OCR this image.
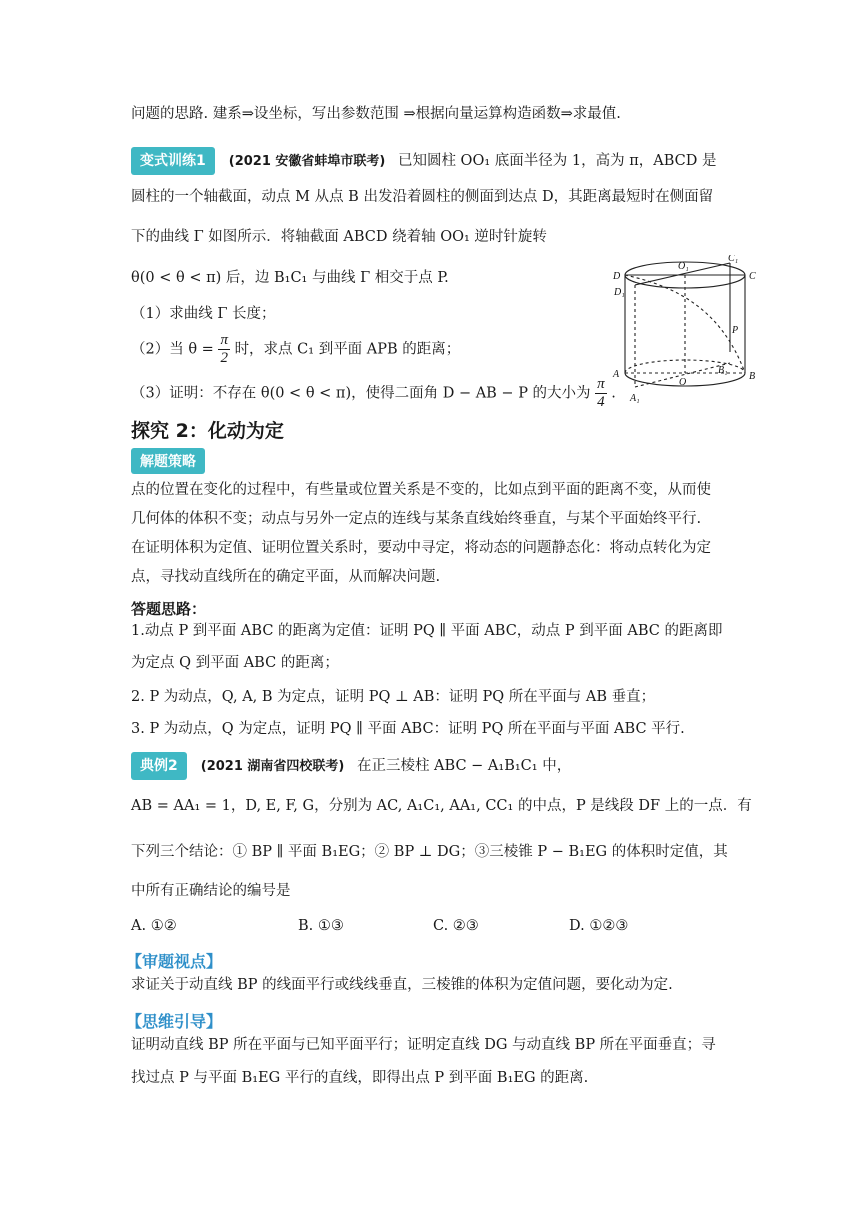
问题的思路. 建系⇒设坐标，写出参数范围 ⇒根据向量运算构造函数⇒求最值.
变式训练1 (2021 安徽省蚌埠市联考) 已知圆柱 OO₁ 底面半径为 1，高为 π，ABCD 是
圆柱的一个轴截面，动点 M 从点 B 出发沿着圆柱的侧面到达点 D，其距离最短时在侧面留
下的曲线 Γ 如图所示．将轴截面 ABCD 绕着轴 OO₁ 逆时针旋转
θ(0 < θ < π) 后，边 B₁C₁ 与曲线 Γ 相交于点 P.
（1）求曲线 Γ 长度；
（2）当 $\theta = \frac{\pi}{2}$ 时，求点 C₁ 到平面 APB 的距离；
（3）证明：不存在 θ(0 < θ < π)，使得二面角 D − AB − P 的大小为 $\frac{\pi}{4}$ .
D
O₁
C₁
C
D₁
P
A
O
B₁
B
A₁
探究 2：化动为定
解题策略
点的位置在变化的过程中，有些量或位置关系是不变的，比如点到平面的距离不变，从而使
几何体的体积不变；动点与另外一定点的连线与某条直线始终垂直，与某个平面始终平行.
在证明体积为定值、证明位置关系时，要动中寻定，将动态的问题静态化：将动点转化为定
点，寻找动直线所在的确定平面，从而解决问题.
答题思路：
1.动点 P 到平面 ABC 的距离为定值：证明 PQ ∥ 平面 ABC，动点 P 到平面 ABC 的距离即
为定点 Q 到平面 ABC 的距离；
2. P 为动点，Q, A, B 为定点，证明 PQ ⊥ AB：证明 PQ 所在平面与 AB 垂直；
3. P 为动点，Q 为定点，证明 PQ ∥ 平面 ABC：证明 PQ 所在平面与平面 ABC 平行.
典例2 (2021 湖南省四校联考) 在正三棱柱 ABC − A₁B₁C₁ 中，
AB = AA₁ = 1，D, E, F, G，分别为 AC, A₁C₁, AA₁, CC₁ 的中点，P 是线段 DF 上的一点．有
下列三个结论：① BP ∥ 平面 B₁EG；② BP ⊥ DG；③三棱锥 P − B₁EG 的体积时定值，其
中所有正确结论的编号是
A. ①②	B. ①③	C. ②③	D. ①②③
【审题视点】
求证关于动直线 BP 的线面平行或线线垂直，三棱锥的体积为定值问题，要化动为定.
【思维引导】
证明动直线 BP 所在平面与已知平面平行；证明定直线 DG 与动直线 BP 所在平面垂直；寻
找过点 P 与平面 B₁EG 平行的直线，即得出点 P 到平面 B₁EG 的距离.
